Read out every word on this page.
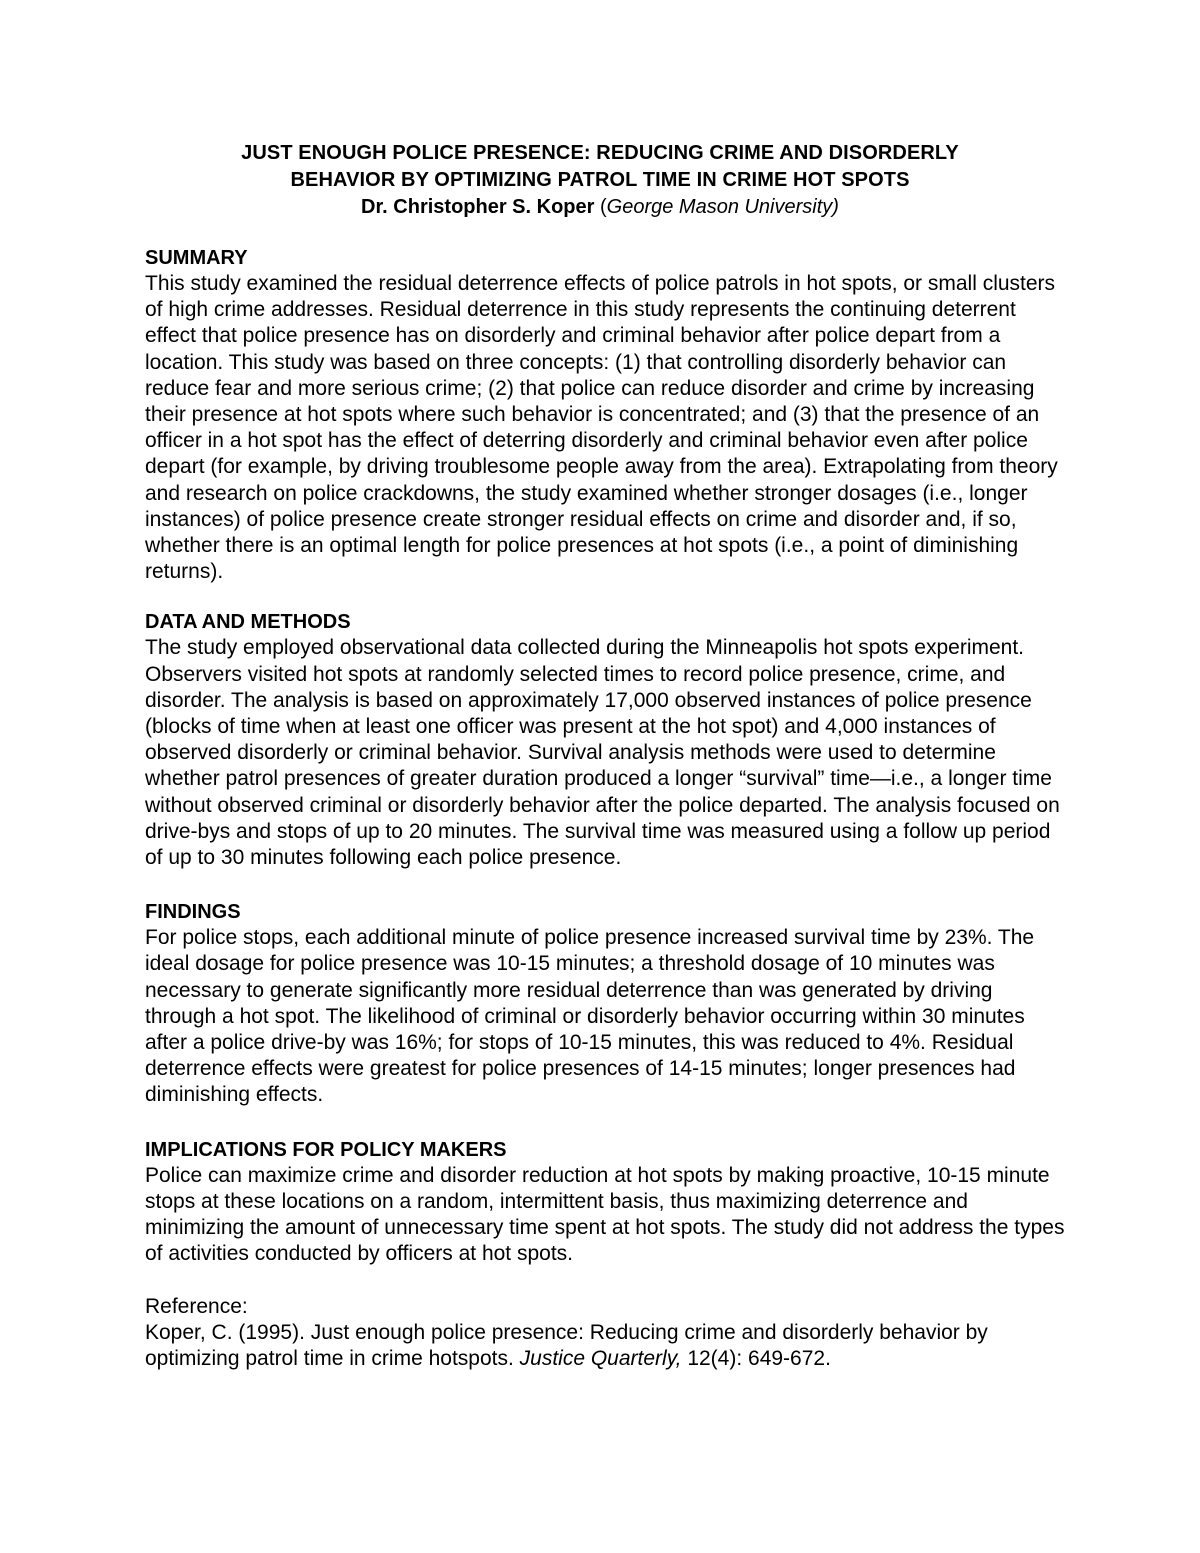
JUST ENOUGH POLICE PRESENCE: REDUCING CRIME AND DISORDERLY
BEHAVIOR BY OPTIMIZING PATROL TIME IN CRIME HOT SPOTS
Dr. Christopher S. Koper (George Mason University)
SUMMARY

This study examined the residual deterrence effects of police patrols in hot spots, or small clusters of high crime addresses. Residual deterrence in this study represents the continuing deterrent effect that police presence has on disorderly and criminal behavior after police depart from a location. This study was based on three concepts: (1) that controlling disorderly behavior can reduce fear and more serious crime; (2) that police can reduce disorder and crime by increasing their presence at hot spots where such behavior is concentrated; and (3) that the presence of an officer in a hot spot has the effect of deterring disorderly and criminal behavior even after police depart (for example, by driving troublesome people away from the area). Extrapolating from theory and research on police crackdowns, the study examined whether stronger dosages (i.e., longer instances) of police presence create stronger residual effects on crime and disorder and, if so, whether there is an optimal length for police presences at hot spots (i.e., a point of diminishing returns).

DATA AND METHODS

The study employed observational data collected during the Minneapolis hot spots experiment. Observers visited hot spots at randomly selected times to record police presence, crime, and disorder. The analysis is based on approximately 17,000 observed instances of police presence (blocks of time when at least one officer was present at the hot spot) and 4,000 instances of observed disorderly or criminal behavior. Survival analysis methods were used to determine whether patrol presences of greater duration produced a longer “survival” time—i.e., a longer time without observed criminal or disorderly behavior after the police departed. The analysis focused on drive-bys and stops of up to 20 minutes. The survival time was measured using a follow up period of up to 30 minutes following each police presence.

FINDINGS

For police stops, each additional minute of police presence increased survival time by 23%. The ideal dosage for police presence was 10-15 minutes; a threshold dosage of 10 minutes was necessary to generate significantly more residual deterrence than was generated by driving through a hot spot. The likelihood of criminal or disorderly behavior occurring within 30 minutes after a police drive-by was 16%; for stops of 10-15 minutes, this was reduced to 4%. Residual deterrence effects were greatest for police presences of 14-15 minutes; longer presences had diminishing effects.

IMPLICATIONS FOR POLICY MAKERS

Police can maximize crime and disorder reduction at hot spots by making proactive, 10-15 minute stops at these locations on a random, intermittent basis, thus maximizing deterrence and minimizing the amount of unnecessary time spent at hot spots. The study did not address the types of activities conducted by officers at hot spots.

Reference:

Koper, C. (1995). Just enough police presence: Reducing crime and disorderly behavior by optimizing patrol time in crime hotspots. Justice Quarterly, 12(4): 649-672.
